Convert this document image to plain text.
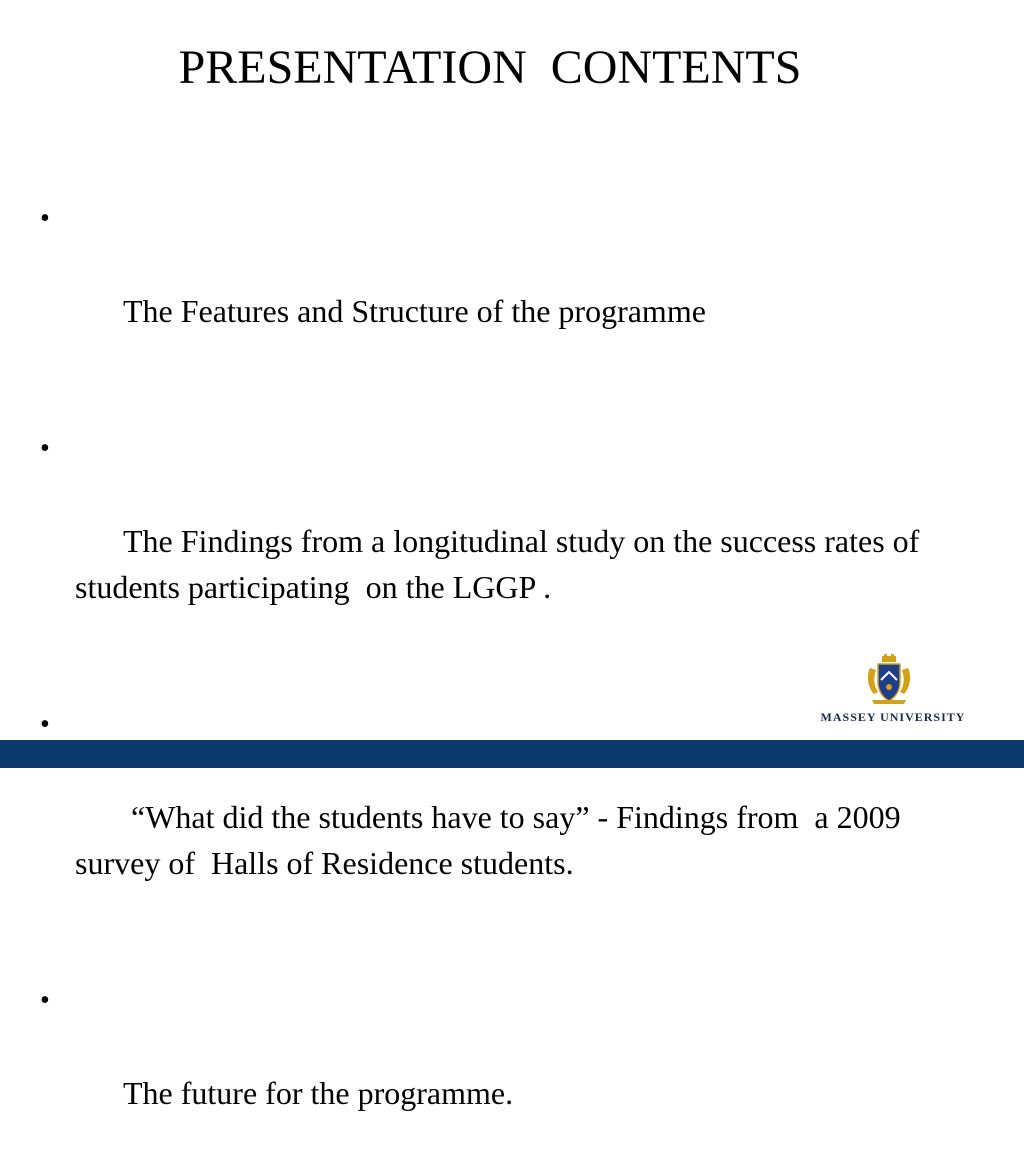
PRESENTATION  CONTENTS

•

The Features and Structure of the programme

•

The Findings from a longitudinal study on the success rates of  students participating  on the LGGP .

•

“What did the students have to say” - Findings from  a 2009 survey of  Halls of Residence students.

•

The future for the programme.

MASSEY UNIVERSITY
